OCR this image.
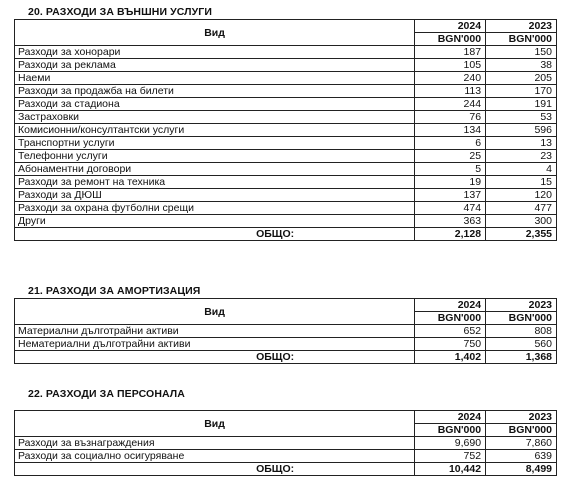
20. РАЗХОДИ ЗА ВЪНШНИ УСЛУГИ
Вид	2024	2023
	BGN'000	BGN'000
Разходи за хонорари	187	150
Разходи за реклама	105	38
Наеми	240	205
Разходи за продажба на билети	113	170
Разходи за стадиона	244	191
Застраховки	76	53
Комисионни/консултантски услуги	134	596
Транспортни услуги	6	13
Телефонни услуги	25	23
Абонаментни договори	5	4
Разходи за ремонт на техника	19	15
Разходи за ДЮШ	137	120
Разходи за охрана футболни срещи	474	477
Други	363	300
ОБЩО:	2,128	2,355
21. РАЗХОДИ ЗА АМОРТИЗАЦИЯ
Вид	2024	2023
	BGN'000	BGN'000
Материални дълготрайни активи	652	808
Нематериални дълготрайни активи	750	560
ОБЩО:	1,402	1,368
22. РАЗХОДИ ЗА ПЕРСОНАЛА
Вид	2024	2023
	BGN'000	BGN'000
Разходи за възнаграждения	9,690	7,860
Разходи за социално осигуряване	752	639
ОБЩО:	10,442	8,499
